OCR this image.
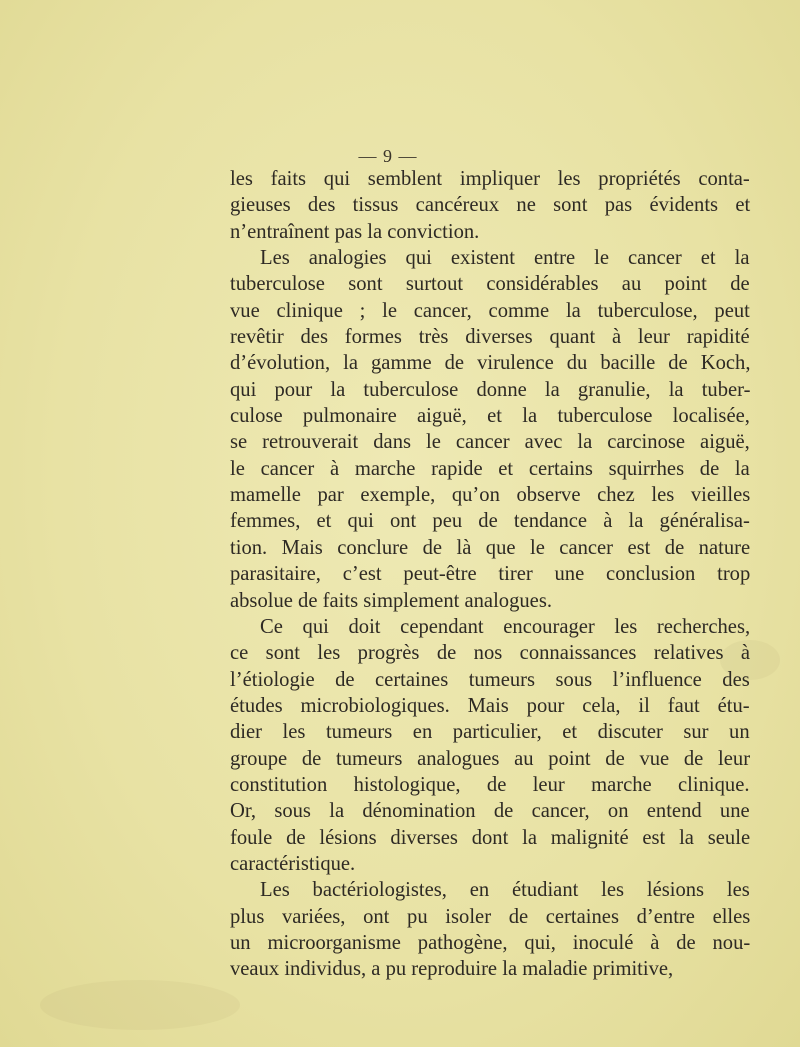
— 9 —
les faits qui semblent impliquer les propriétés conta-
gieuses des tissus cancéreux ne sont pas évidents et
n’entraînent pas la conviction.
Les analogies qui existent entre le cancer et la
tuberculose sont surtout considérables au point de
vue clinique ; le cancer, comme la tuberculose, peut
revêtir des formes très diverses quant à leur rapidité
d’évolution, la gamme de virulence du bacille de Koch,
qui pour la tuberculose donne la granulie, la tuber-
culose pulmonaire aiguë, et la tuberculose localisée,
se retrouverait dans le cancer avec la carcinose aiguë,
le cancer à marche rapide et certains squirrhes de la
mamelle par exemple, qu’on observe chez les vieilles
femmes, et qui ont peu de tendance à la généralisa-
tion. Mais conclure de là que le cancer est de nature
parasitaire, c’est peut-être tirer une conclusion trop
absolue de faits simplement analogues.
Ce qui doit cependant encourager les recherches,
ce sont les progrès de nos connaissances relatives à
l’étiologie de certaines tumeurs sous l’influence des
études microbiologiques. Mais pour cela, il faut étu-
dier les tumeurs en particulier, et discuter sur un
groupe de tumeurs analogues au point de vue de leur
constitution histologique, de leur marche clinique.
Or, sous la dénomination de cancer, on entend une
foule de lésions diverses dont la malignité est la seule
caractéristique.
Les bactériologistes, en étudiant les lésions les
plus variées, ont pu isoler de certaines d’entre elles
un microorganisme pathogène, qui, inoculé à de nou-
veaux individus, a pu reproduire la maladie primitive,
